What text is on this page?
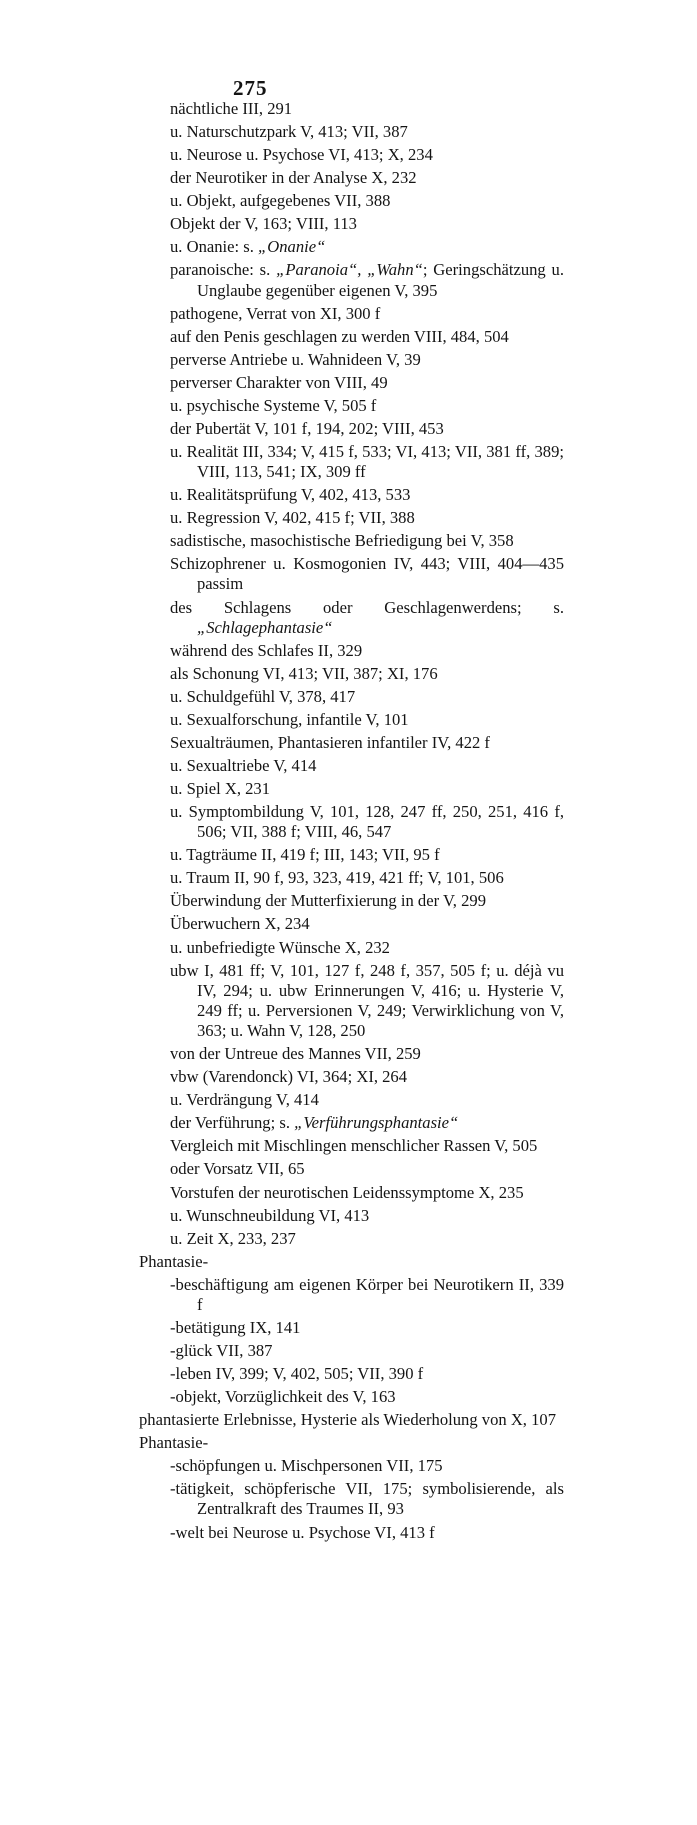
275
nächtliche III, 291
u. Naturschutzpark V, 413; VII, 387
u. Neurose u. Psychose VI, 413; X, 234
der Neurotiker in der Analyse X, 232
u. Objekt, aufgegebenes VII, 388
Objekt der V, 163; VIII, 113
u. Onanie: s. „Onanie“
paranoische: s. „Paranoia“, „Wahn“; Geringschätzung u. Unglaube gegenüber eigenen V, 395
pathogene, Verrat von XI, 300 f
auf den Penis geschlagen zu werden VIII, 484, 504
perverse Antriebe u. Wahnideen V, 39
perverser Charakter von VIII, 49
u. psychische Systeme V, 505 f
der Pubertät V, 101 f, 194, 202; VIII, 453
u. Realität III, 334; V, 415 f, 533; VI, 413; VII, 381 ff, 389; VIII, 113, 541; IX, 309 ff
u. Realitätsprüfung V, 402, 413, 533
u. Regression V, 402, 415 f; VII, 388
sadistische, masochistische Befriedigung bei V, 358
Schizophrener u. Kosmogonien IV, 443; VIII, 404—435 passim
des Schlagens oder Geschlagenwerdens; s. „Schlagephantasie“
während des Schlafes II, 329
als Schonung VI, 413; VII, 387; XI, 176
u. Schuldgefühl V, 378, 417
u. Sexualforschung, infantile V, 101
Sexualträumen, Phantasieren infantiler IV, 422 f
u. Sexualtriebe V, 414
u. Spiel X, 231
u. Symptombildung V, 101, 128, 247 ff, 250, 251, 416 f, 506; VII, 388 f; VIII, 46, 547
u. Tagträume II, 419 f; III, 143; VII, 95 f
u. Traum II, 90 f, 93, 323, 419, 421 ff; V, 101, 506
Überwindung der Mutterfixierung in der V, 299
Überwuchern X, 234
u. unbefriedigte Wünsche X, 232
ubw I, 481 ff; V, 101, 127 f, 248 f, 357, 505 f; u. déjà vu IV, 294; u. ubw Erinnerungen V, 416; u. Hysterie V, 249 ff; u. Perversionen V, 249; Verwirklichung von V, 363; u. Wahn V, 128, 250
von der Untreue des Mannes VII, 259
vbw (Varendonck) VI, 364; XI, 264
u. Verdrängung V, 414
der Verführung; s. „Verführungsphantasie“
Vergleich mit Mischlingen menschlicher Rassen V, 505
oder Vorsatz VII, 65
Vorstufen der neurotischen Leidenssymptome X, 235
u. Wunschneubildung VI, 413
u. Zeit X, 233, 237
Phantasie-
-beschäftigung am eigenen Körper bei Neurotikern II, 339 f
-betätigung IX, 141
-glück VII, 387
-leben IV, 399; V, 402, 505; VII, 390 f
-objekt, Vorzüglichkeit des V, 163
phantasierte Erlebnisse, Hysterie als Wiederholung von X, 107
Phantasie-
-schöpfungen u. Mischpersonen VII, 175
-tätigkeit, schöpferische VII, 175; symbolisierende, als Zentralkraft des Traumes II, 93
-welt bei Neurose u. Psychose VI, 413 f
